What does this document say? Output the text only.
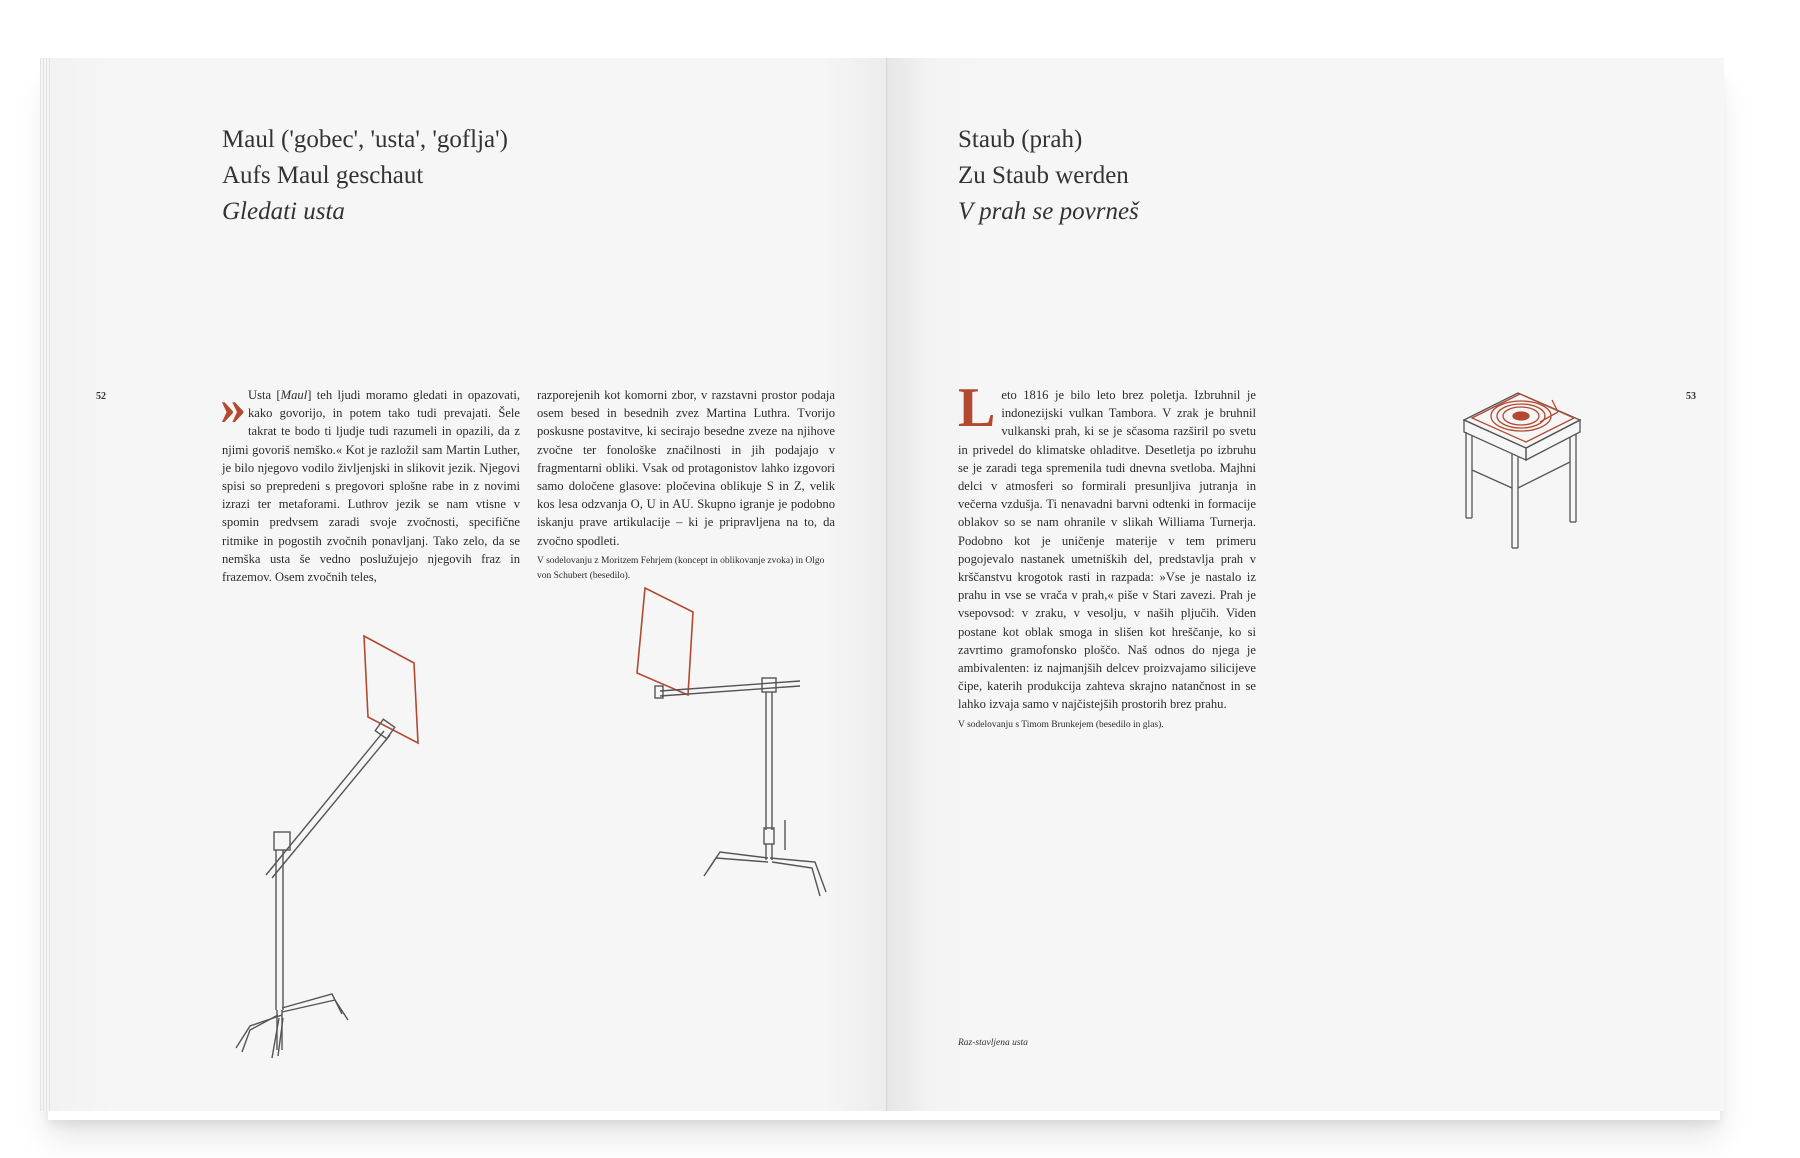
Maul ('gobec', 'usta', 'goflja')
Aufs Maul geschaut
Gledati usta
52 » Usta [Maul] teh ljudi moramo gledati in opazovati, kako govorijo, in potem tako tudi prevajati. Šele takrat te bodo ti ljudje tudi razumeli in opazili, da z njimi govoriš nemško.« Kot je razložil sam Martin Luther, je bilo njegovo vodilo življenjski in slikovit jezik. Njegovi spisi so prepredeni s pregovori splošne rabe in z novimi izrazi ter metaforami. Luthrov jezik se nam vtisne v spomin predvsem zaradi svoje zvočnosti, specifične ritmike in pogostih zvočnih ponavljanj. Tako zelo, da se nemška usta še vedno poslužujejo njegovih fraz in frazemov. Osem zvočnih teles,

razporejenih kot komorni zbor, v razstavni prostor podaja osem besed in besednih zvez Martina Luthra. Tvorijo poskusne postavitve, ki secirajo besedne zveze na njihove zvočne ter fonološke značilnosti in jih podajajo v fragmentarni obliki. Vsak od protagonistov lahko izgovori samo določene glasove: pločevina oblikuje S in Z, velik kos lesa odzvanja O, U in AU. Skupno igranje je podobno iskanju prave artikulacije – ki je pripravljena na to, da zvočno spodleti.

V sodelovanju z Moritzem Fehrjem (koncept in oblikovanje zvoka) in Olgo von Schubert (besedilo).

Staub (prah)
Zu Staub werden
V prah se povrneš
53

L eto 1816 je bilo leto brez poletja. Izbruhnil je indonezijski vulkan Tambora. V zrak je bruhnil vulkanski prah, ki se je sčasoma razširil po svetu in privedel do klimatske ohladitve. Desetletja po izbruhu se je zaradi tega spremenila tudi dnevna svetloba. Majhni delci v atmosferi so formirali presunljiva jutranja in večerna vzdušja. Ti nenavadni barvni odtenki in formacije oblakov so se nam ohranile v slikah Williama Turnerja. Podobno kot je uničenje materije v tem primeru pogojevalo nastanek umetniških del, predstavlja prah v krščanstvu krogotok rasti in razpada: »Vse je nastalo iz prahu in vse se vrača v prah,« piše v Stari zavezi. Prah je vsepovsod: v zraku, v vesolju, v naših pljučih. Viden postane kot oblak smoga in slišen kot hreščanje, ko si zavrtimo gramofonsko ploščo. Naš odnos do njega je ambivalenten: iz najmanjših delcev proizvajamo silicijeve čipe, katerih produkcija zahteva skrajno natančnost in se lahko izvaja samo v najčistejših prostorih brez prahu.

V sodelovanju s Timom Brunkejem (besedilo in glas).

Raz-stavljena usta
